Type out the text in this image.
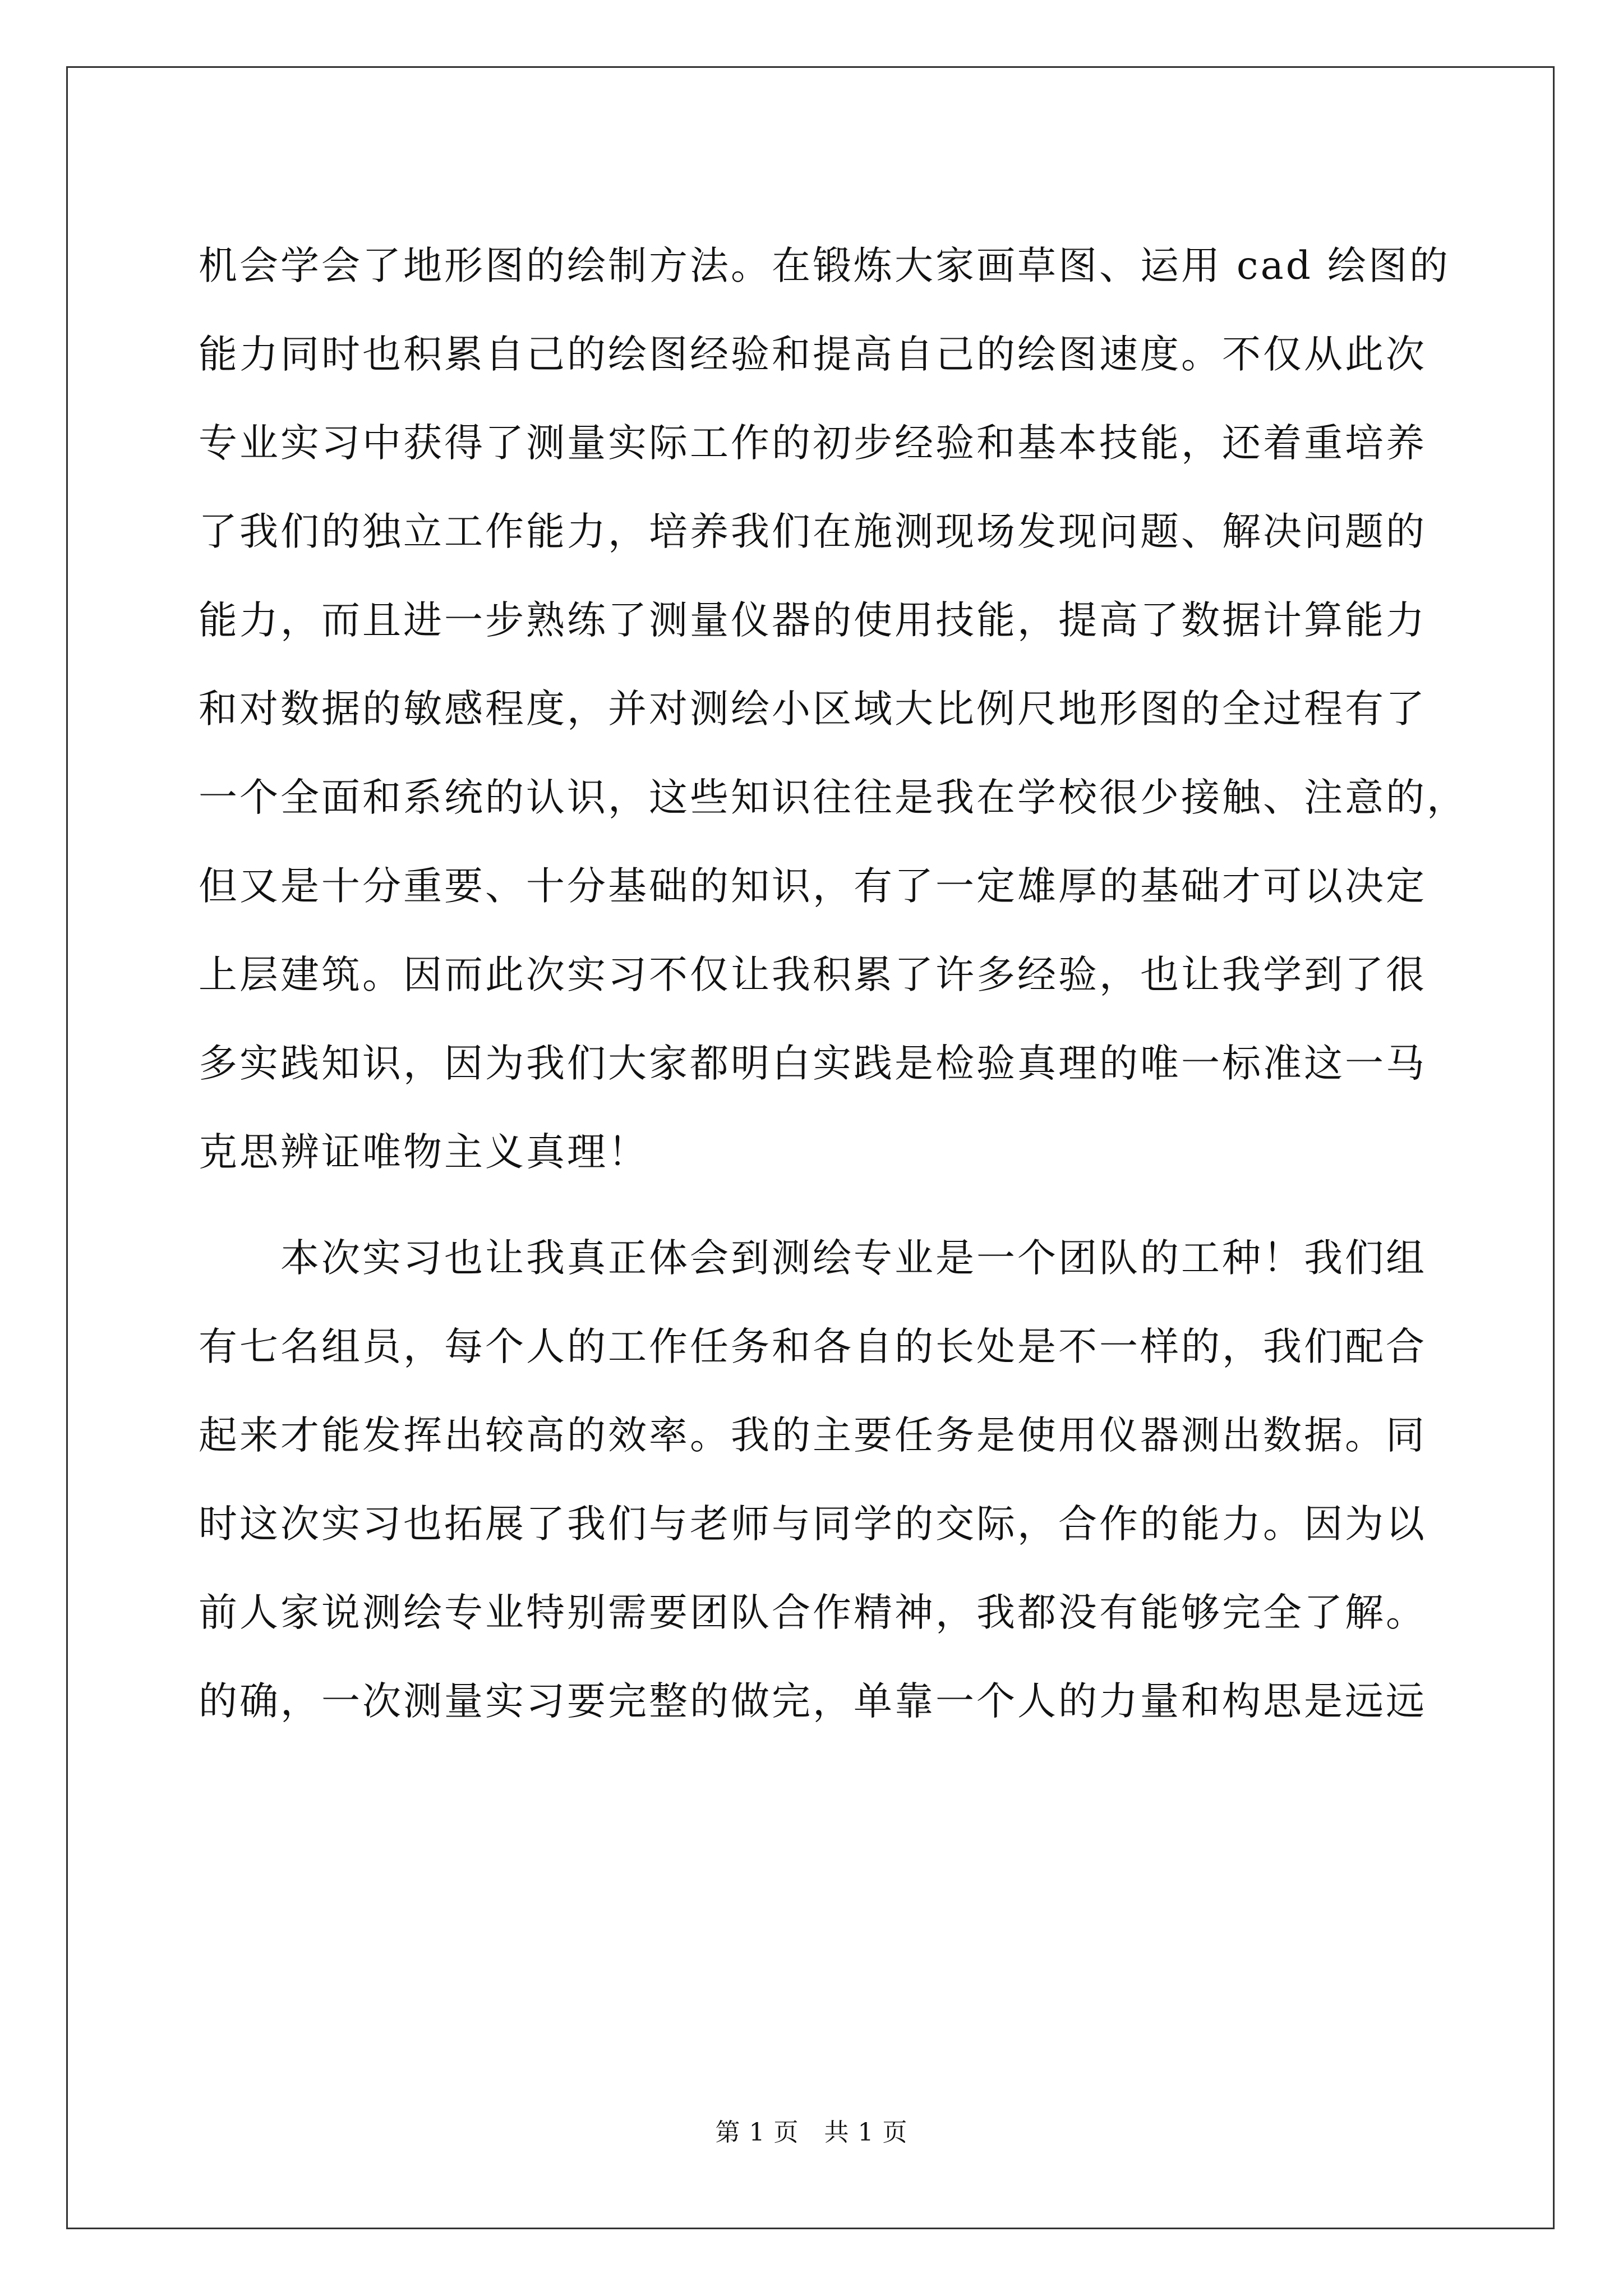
机会学会了地形图的绘制方法。在锻炼大家画草图、运用 cad 绘图的
能力同时也积累自己的绘图经验和提高自己的绘图速度。不仅从此次
专业实习中获得了测量实际工作的初步经验和基本技能，还着重培养
了我们的独立工作能力，培养我们在施测现场发现问题、解决问题的
能力，而且进一步熟练了测量仪器的使用技能，提高了数据计算能力
和对数据的敏感程度，并对测绘小区域大比例尺地形图的全过程有了
一个全面和系统的认识，这些知识往往是我在学校很少接触、注意的，
但又是十分重要、十分基础的知识，有了一定雄厚的基础才可以决定
上层建筑。因而此次实习不仅让我积累了许多经验，也让我学到了很
多实践知识，因为我们大家都明白实践是检验真理的唯一标准这一马
克思辨证唯物主义真理！
　　本次实习也让我真正体会到测绘专业是一个团队的工种！我们组
有七名组员，每个人的工作任务和各自的长处是不一样的，我们配合
起来才能发挥出较高的效率。我的主要任务是使用仪器测出数据。同
时这次实习也拓展了我们与老师与同学的交际，合作的能力。因为以
前人家说测绘专业特别需要团队合作精神，我都没有能够完全了解。
的确，一次测量实习要完整的做完，单靠一个人的力量和构思是远远
第 1 页　共 1 页
